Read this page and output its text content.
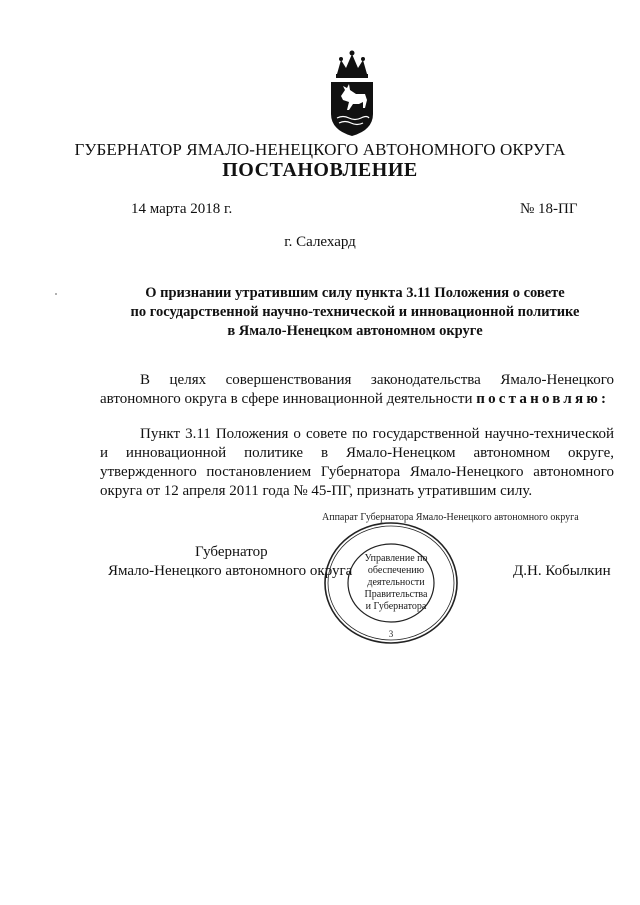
ГУБЕРНАТОР ЯМАЛО-НЕНЕЦКОГО АВТОНОМНОГО ОКРУГА
ПОСТАНОВЛЕНИЕ
14 марта 2018 г.	№ 18-ПГ
г. Салехард
О признании утратившим силу пункта 3.11 Положения о совете
по государственной научно-технической и инновационной политике
в Ямало-Ненецком автономном округе
В целях совершенствования законодательства Ямало-Ненецкого автономного округа в сфере инновационной деятельности постановляю:
Пункт 3.11 Положения о совете по государственной научно-технической и инновационной политике в Ямало-Ненецком автономном округе, утвержденного постановлением Губернатора Ямало-Ненецкого автономного округа от 12 апреля 2011 года № 45-ПГ, признать утратившим силу.
Губернатор
Ямало-Ненецкого автономного округа	Д.Н. Кобылкин
Аппарат Губернатора Ямало-Ненецкого автономного округа
3
Управление по
обеспечению
деятельности
Правительства
и Губернатора
